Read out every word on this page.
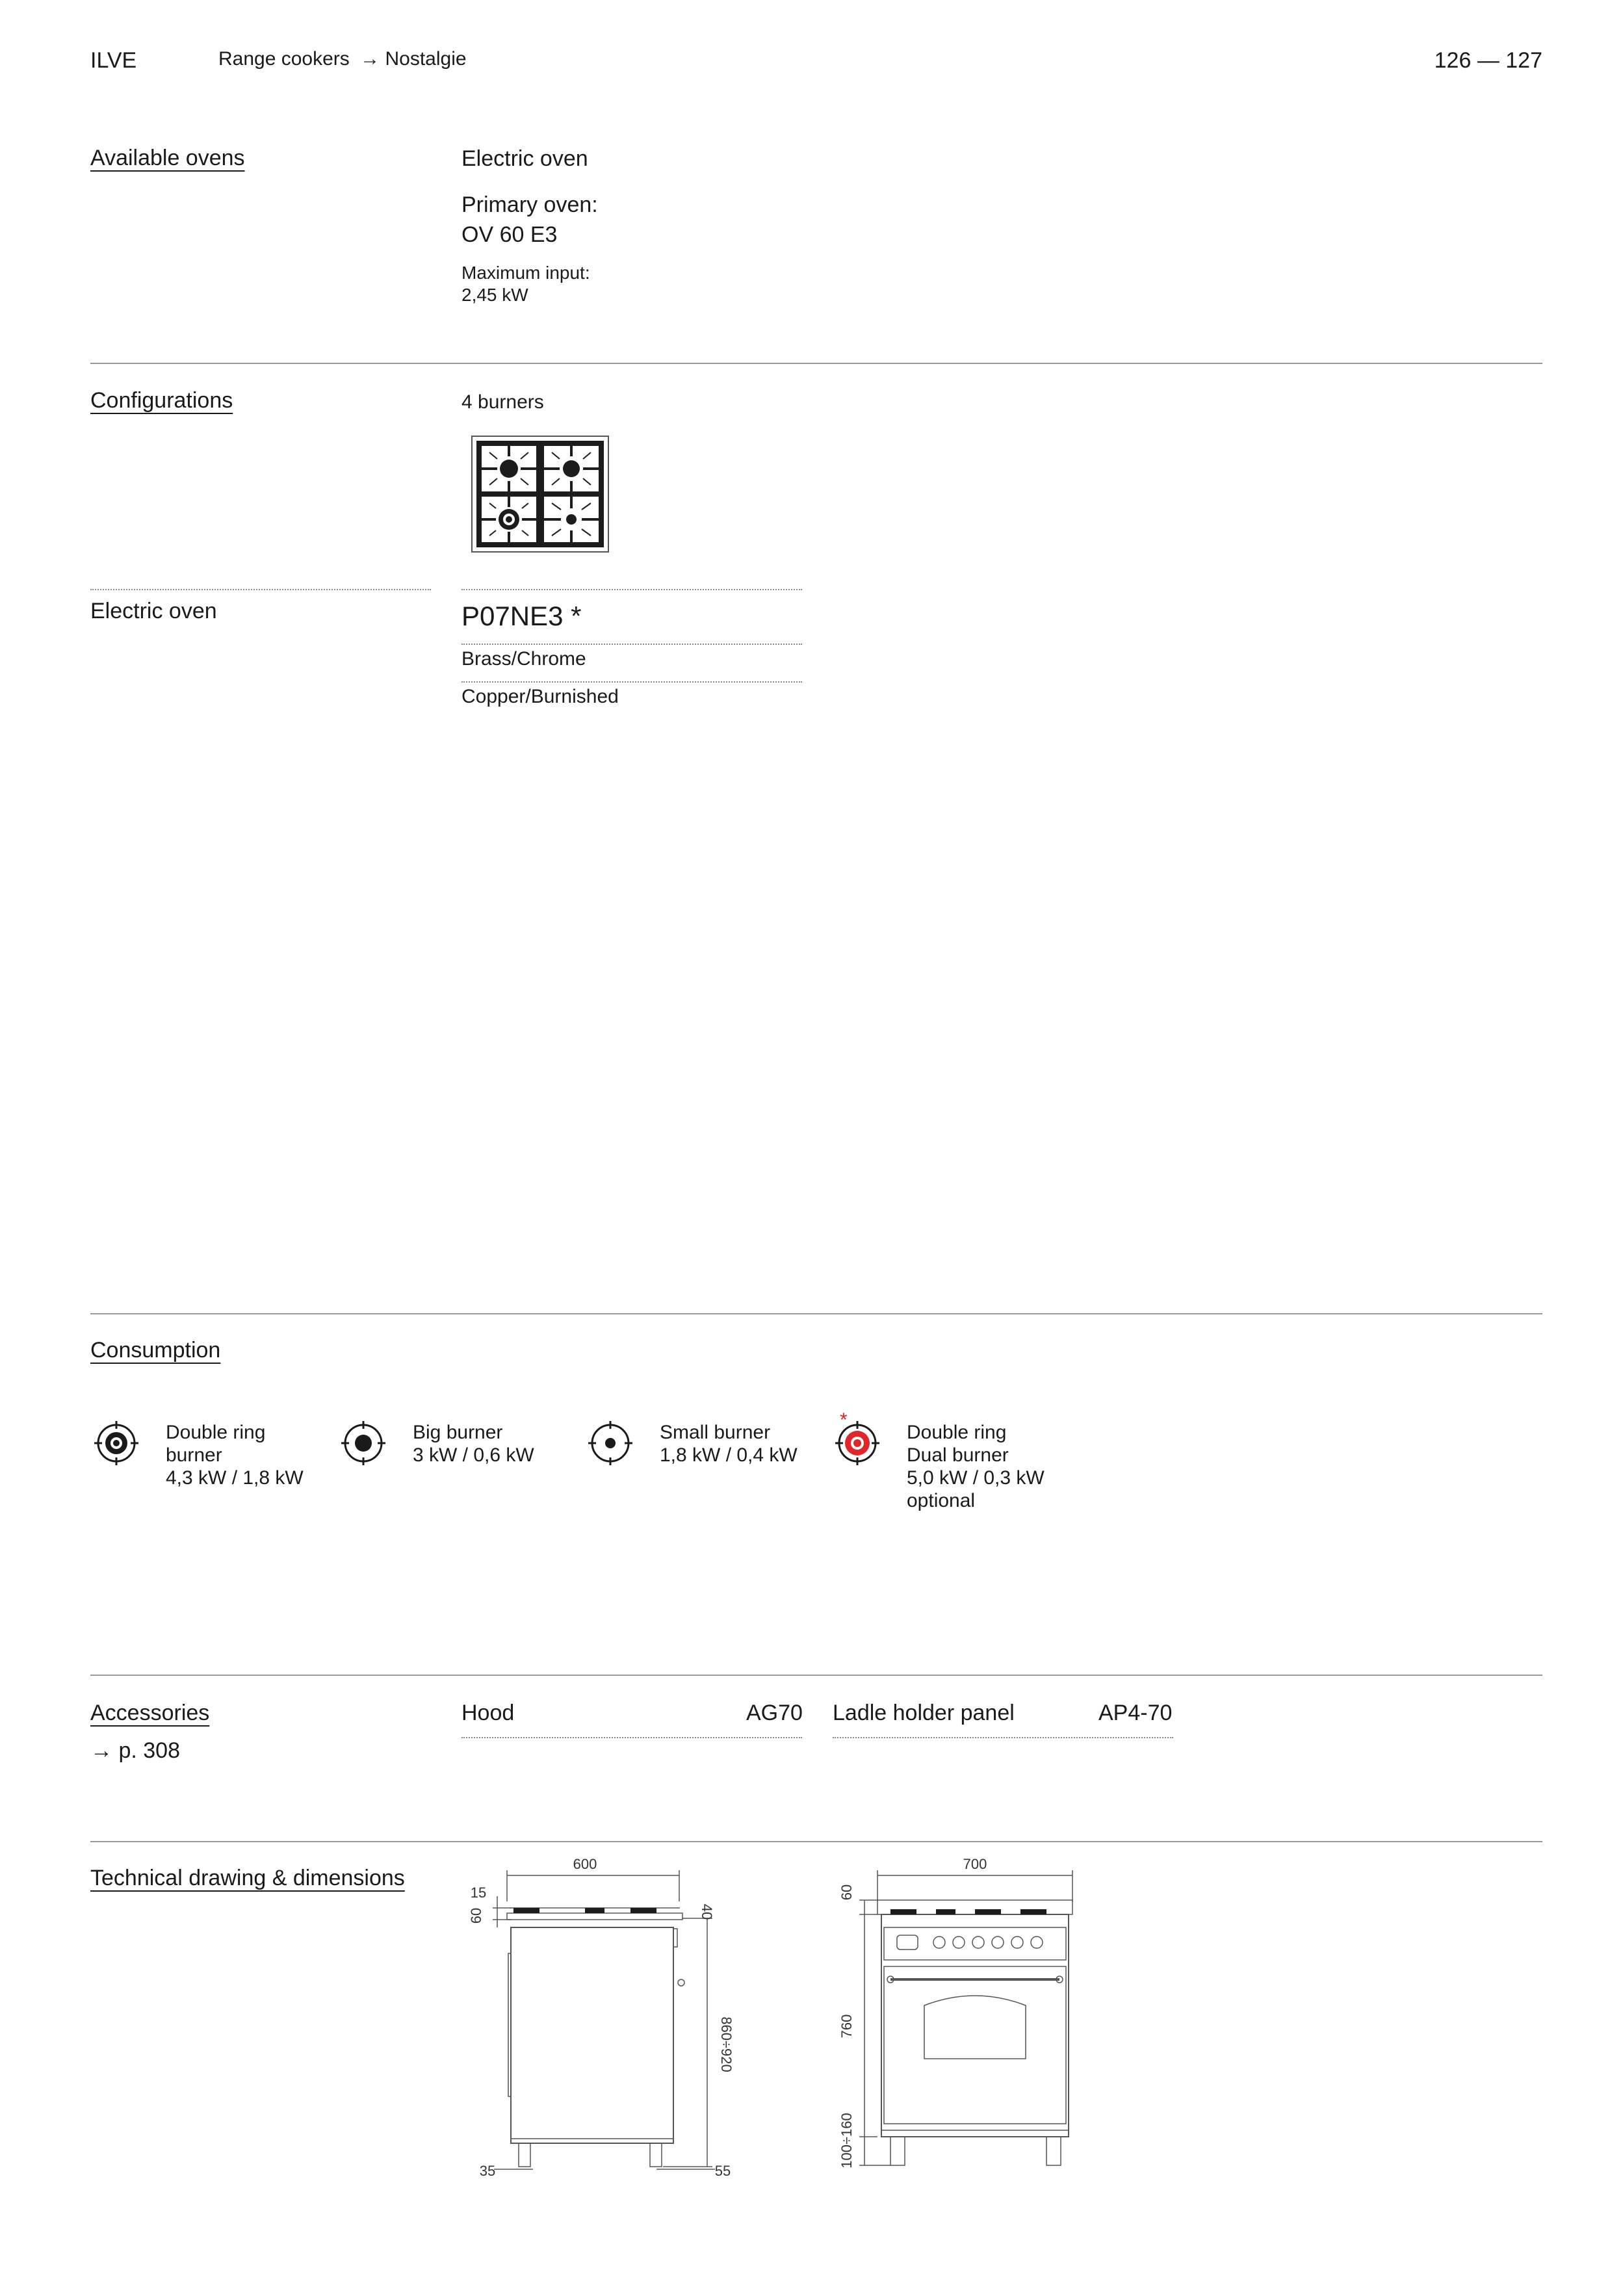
ILVE	Range cookers → Nostalgie	126 — 127
Available ovens	Electric oven
Primary oven:
OV 60 E3
Maximum input:
2,45 kW
Configurations	4 burners
Electric oven	P07NE3 *
Brass/Chrome
Copper/Burnished
Consumption
Double ring
burner
4,3 kW / 1,8 kW
Big burner
3 kW / 0,6 kW
Small burner
1,8 kW / 0,4 kW
*
Double ring
Dual burner
5,0 kW / 0,3 kW
optional
Accessories
→ p. 308
Hood	AG70 Ladle holder panel	AP4-70
Technical drawing & dimensions
600
15
60	40
860÷920
35	55
700
60
760
100÷160
